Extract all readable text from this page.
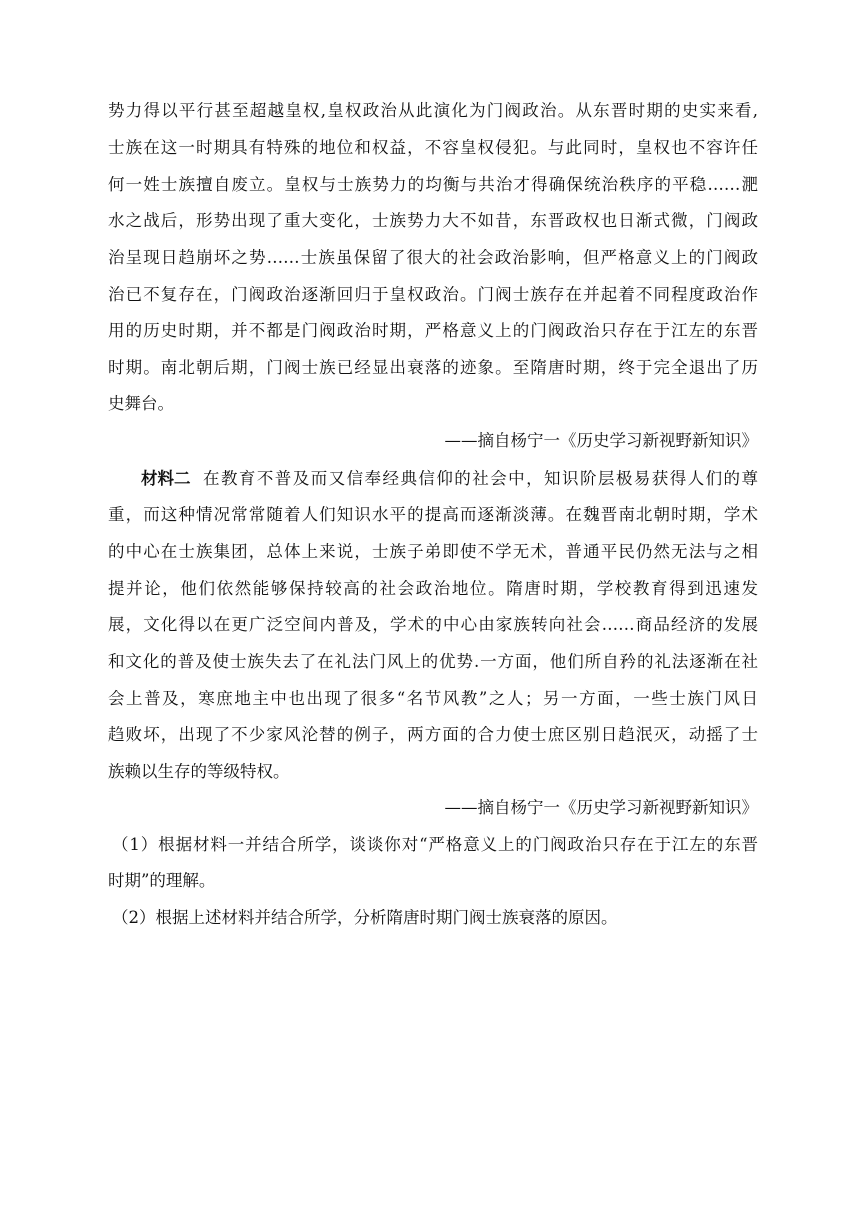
势力得以平行甚至超越皇权,皇权政治从此演化为门阀政治。从东晋时期的史实来看,
士族在这一时期具有特殊的地位和权益，不容皇权侵犯。与此同时，皇权也不容许任
何一姓士族擅自废立。皇权与士族势力的均衡与共治才得确保统治秩序的平稳……淝
水之战后，形势出现了重大变化，士族势力大不如昔，东晋政权也日渐式微，门阀政
治呈现日趋崩坏之势……士族虽保留了很大的社会政治影响，但严格意义上的门阀政
治已不复存在，门阀政治逐渐回归于皇权政治。门阀士族存在并起着不同程度政治作
用的历史时期，并不都是门阀政治时期，严格意义上的门阀政治只存在于江左的东晋
时期。南北朝后期，门阀士族已经显出衰落的迹象。至隋唐时期，终于完全退出了历
史舞台。
——摘自杨宁一《历史学习新视野新知识》
材料二 在教育不普及而又信奉经典信仰的社会中，知识阶层极易获得人们的尊
重，而这种情况常常随着人们知识水平的提高而逐渐淡薄。在魏晋南北朝时期，学术
的中心在士族集团，总体上来说，士族子弟即使不学无术，普通平民仍然无法与之相
提并论，他们依然能够保持较高的社会政治地位。隋唐时期，学校教育得到迅速发
展，文化得以在更广泛空间内普及，学术的中心由家族转向社会……商品经济的发展
和文化的普及使士族失去了在礼法门风上的优势.一方面，他们所自矜的礼法逐渐在社
会上普及，寒庶地主中也出现了很多“名节风教”之人；另一方面，一些士族门风日
趋败坏，出现了不少家风沦替的例子，两方面的合力使士庶区别日趋泯灭，动摇了士
族赖以生存的等级特权。
——摘自杨宁一《历史学习新视野新知识》
（1）根据材料一并结合所学，谈谈你对“严格意义上的门阀政治只存在于江左的东晋
时期”的理解。
（2）根据上述材料并结合所学，分析隋唐时期门阀士族衰落的原因。
